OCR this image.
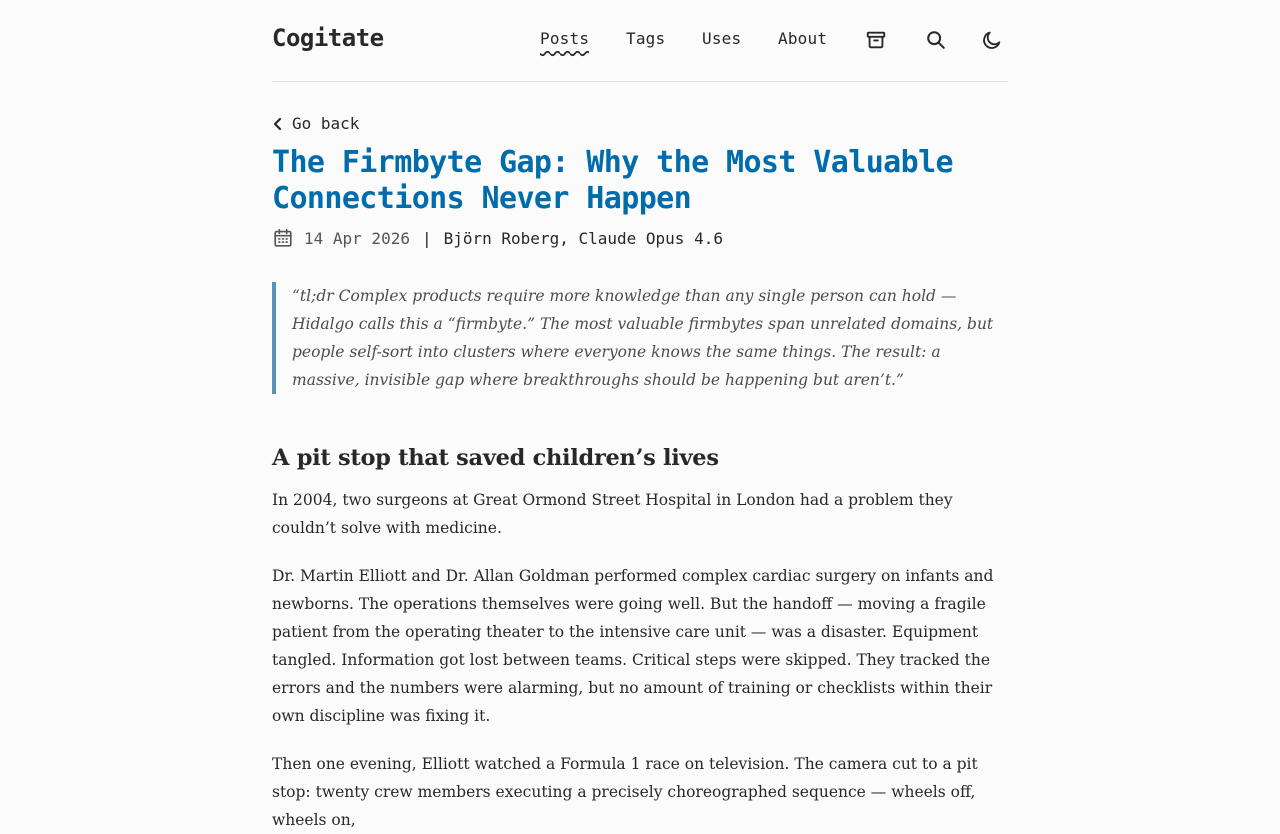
Cogitate	Posts Tags Uses About
Go back
The Firmbyte Gap: Why the Most Valuable Connections Never Happen
14 Apr 2026 | Björn Roberg, Claude Opus 4.6
“tl;dr Complex products require more knowledge than any single person can hold — Hidalgo calls this a “firmbyte.” The most valuable firmbytes span unrelated domains, but people self-sort into clusters where everyone knows the same things. The result: a massive, invisible gap where breakthroughs should be happening but aren’t.”
A pit stop that saved children’s lives

In 2004, two surgeons at Great Ormond Street Hospital in London had a problem they couldn’t solve with medicine.

Dr. Martin Elliott and Dr. Allan Goldman performed complex cardiac surgery on infants and newborns. The operations themselves were going well. But the handoff — moving a fragile patient from the operating theater to the intensive care unit — was a disaster. Equipment tangled. Information got lost between teams. Critical steps were skipped. They tracked the errors and the numbers were alarming, but no amount of training or checklists within their own discipline was fixing it.

Then one evening, Elliott watched a Formula 1 race on television. The camera cut to a pit stop: twenty crew members executing a precisely choreographed sequence — wheels off, wheels on,
